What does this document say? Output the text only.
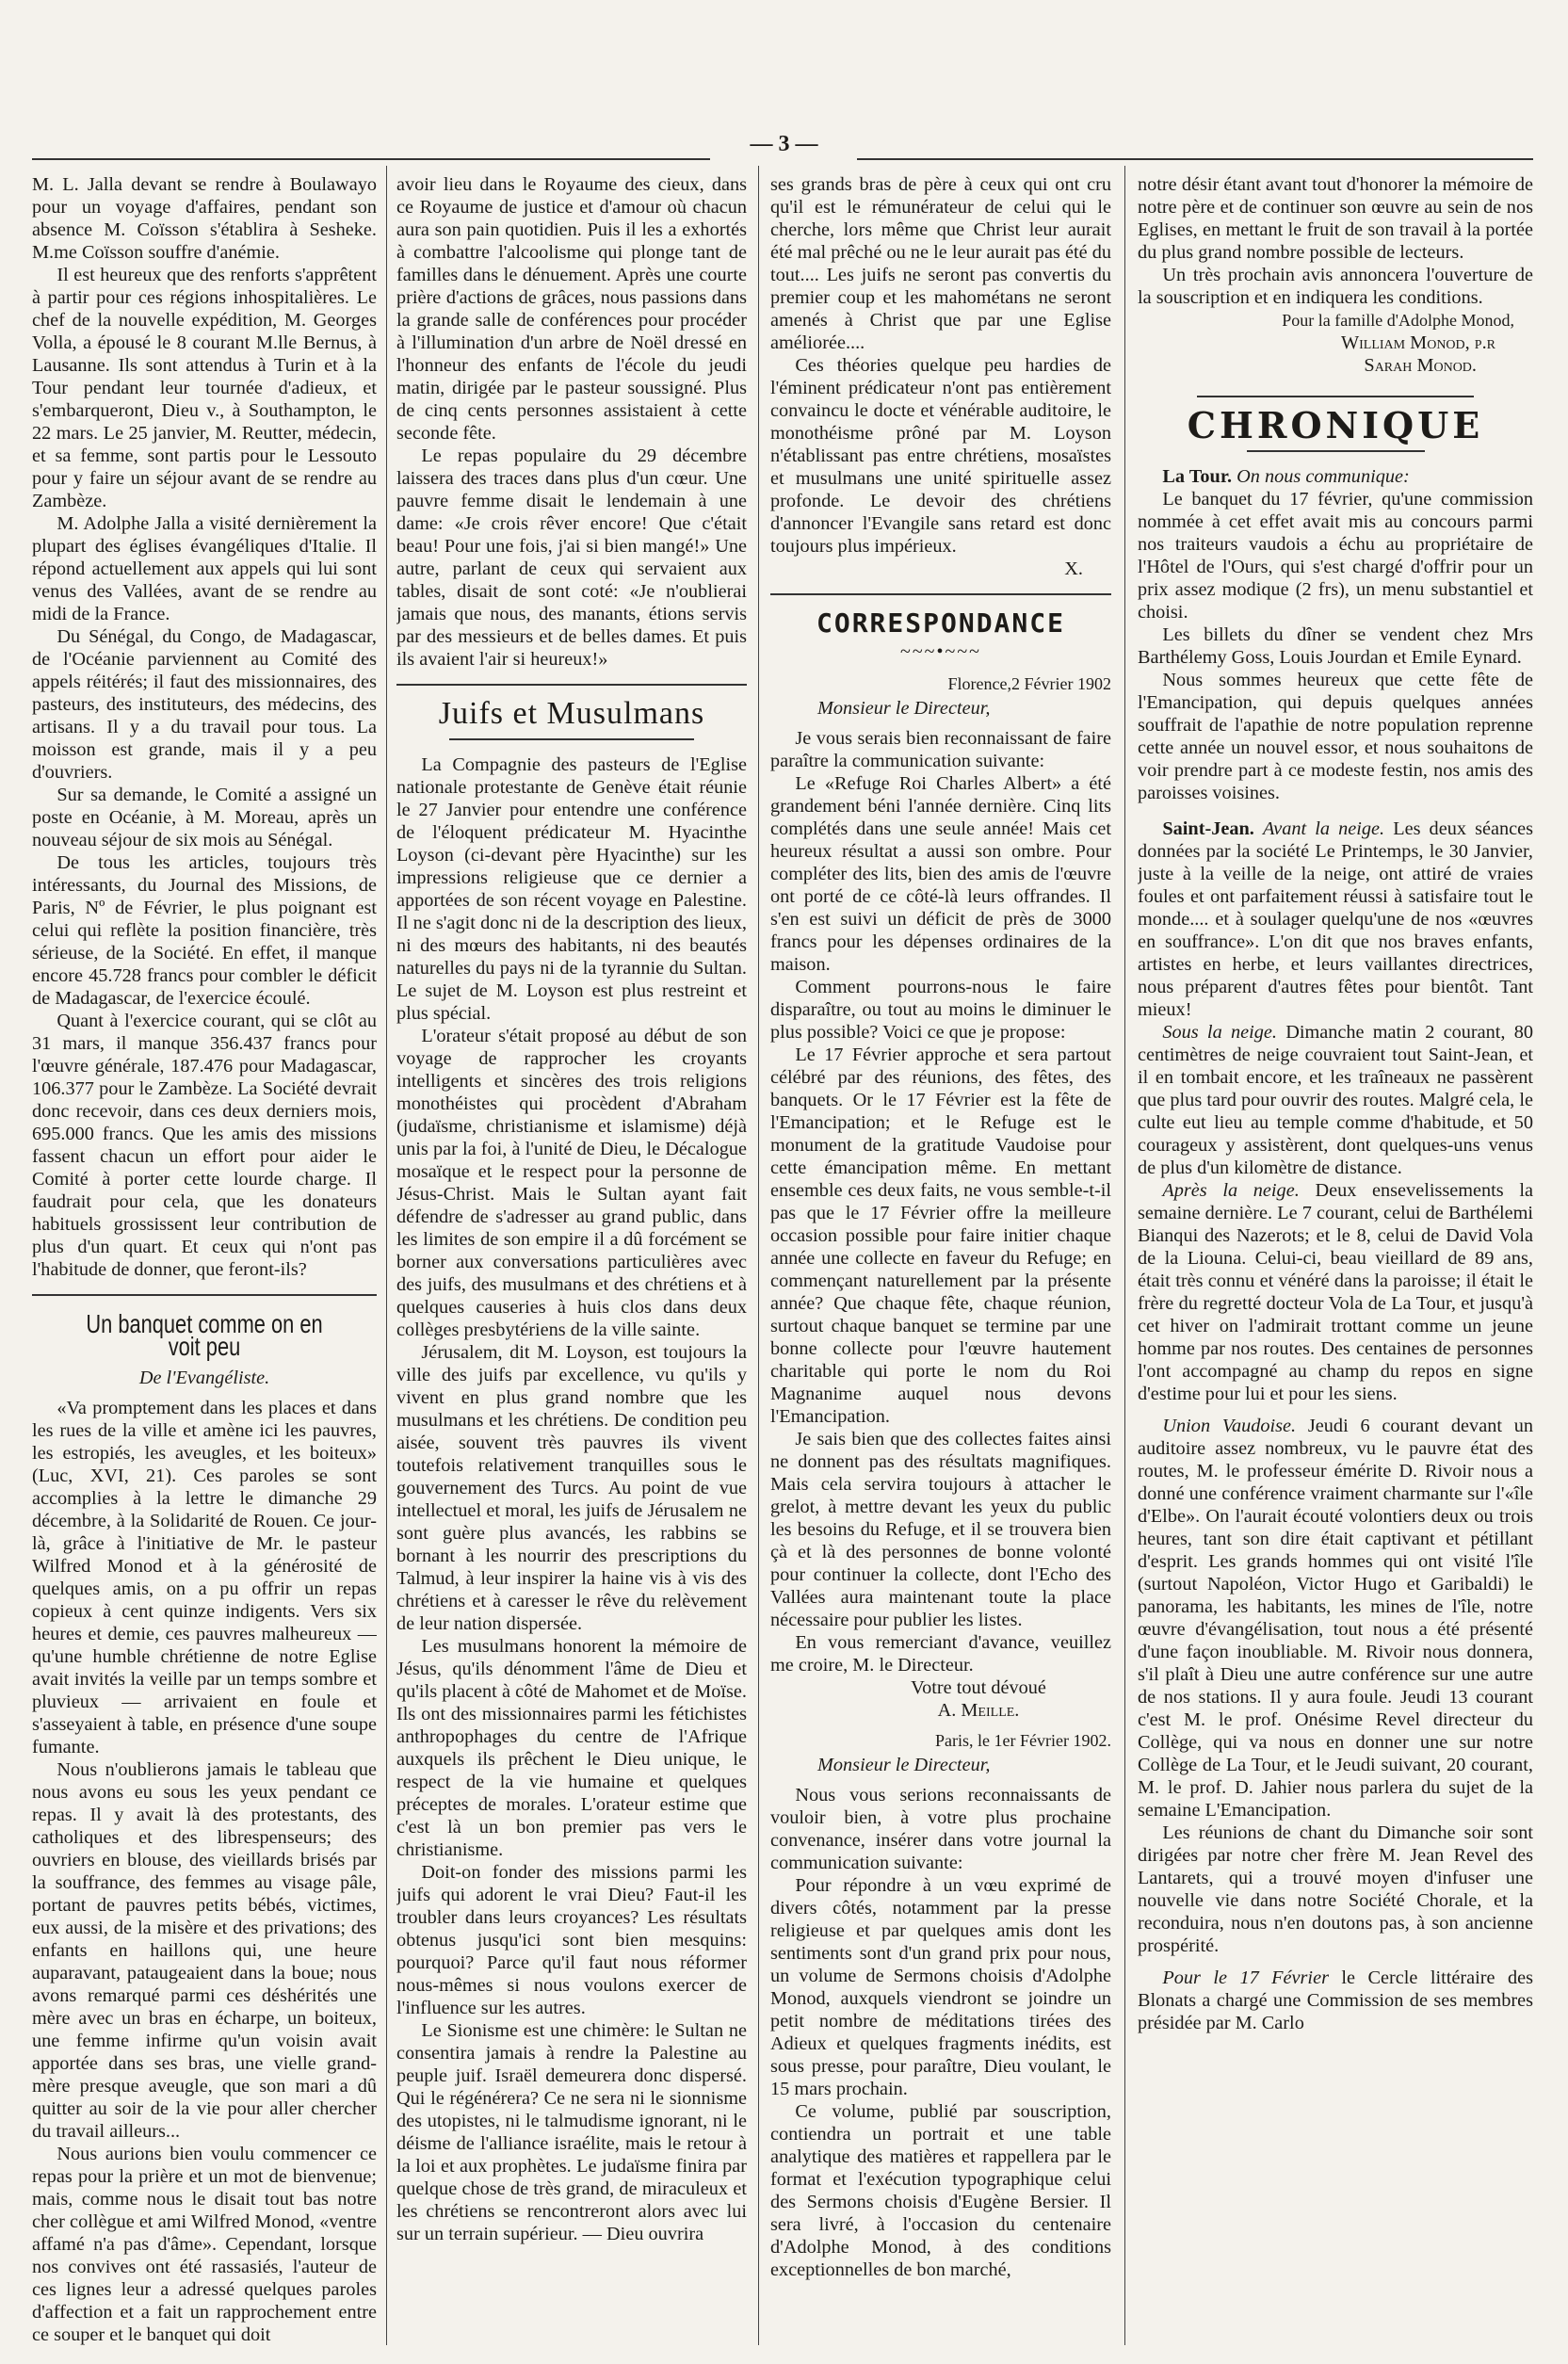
— 3 —

M. L. Jalla devant se rendre à Boulawayo pour un voyage d'affaires, pendant son absence M. Coïsson s'établira à Sesheke. M.me Coïsson souffre d'anémie.

Il est heureux que des renforts s'apprêtent à partir pour ces régions inhospitalières. Le chef de la nouvelle expédition, M. Georges Volla, a épousé le 8 courant M.lle Bernus, à Lausanne. Ils sont attendus à Turin et à la Tour pendant leur tournée d'adieux, et s'embarqueront, Dieu v., à Southampton, le 22 mars. Le 25 janvier, M. Reutter, médecin, et sa femme, sont partis pour le Lessouto pour y faire un séjour avant de se rendre au Zambèze.

M. Adolphe Jalla a visité dernièrement la plupart des églises évangéliques d'Italie. Il répond actuellement aux appels qui lui sont venus des Vallées, avant de se rendre au midi de la France.

Du Sénégal, du Congo, de Madagascar, de l'Océanie parviennent au Comité des appels réitérés; il faut des missionnaires, des pasteurs, des instituteurs, des médecins, des artisans. Il y a du travail pour tous. La moisson est grande, mais il y a peu d'ouvriers.

Sur sa demande, le Comité a assigné un poste en Océanie, à M. Moreau, après un nouveau séjour de six mois au Sénégal.

De tous les articles, toujours très intéressants, du Journal des Missions, de Paris, Nº de Février, le plus poignant est celui qui reflète la position financière, très sérieuse, de la Société. En effet, il manque encore 45.728 francs pour combler le déficit de Madagascar, de l'exercice écoulé.

Quant à l'exercice courant, qui se clôt au 31 mars, il manque 356.437 francs pour l'œuvre générale, 187.476 pour Madagascar, 106.377 pour le Zambèze. La Société devrait donc recevoir, dans ces deux derniers mois, 695.000 francs. Que les amis des missions fassent chacun un effort pour aider le Comité à porter cette lourde charge. Il faudrait pour cela, que les donateurs habituels grossissent leur contribution de plus d'un quart. Et ceux qui n'ont pas l'habitude de donner, que feront-ils?

Un banquet comme on en voit peu
De l'Evangéliste.

«Va promptement dans les places et dans les rues de la ville et amène ici les pauvres, les estropiés, les aveugles, et les boiteux» (Luc, XVI, 21). Ces paroles se sont accomplies à la lettre le dimanche 29 décembre, à la Solidarité de Rouen. Ce jour-là, grâce à l'initiative de Mr. le pasteur Wilfred Monod et à la générosité de quelques amis, on a pu offrir un repas copieux à cent quinze indigents. Vers six heures et demie, ces pauvres malheureux — qu'une humble chrétienne de notre Eglise avait invités la veille par un temps sombre et pluvieux — arrivaient en foule et s'asseyaient à table, en présence d'une soupe fumante.

Nous n'oublierons jamais le tableau que nous avons eu sous les yeux pendant ce repas. Il y avait là des protestants, des catholiques et des librespenseurs; des ouvriers en blouse, des vieillards brisés par la souffrance, des femmes au visage pâle, portant de pauvres petits bébés, victimes, eux aussi, de la misère et des privations; des enfants en haillons qui, une heure auparavant, pataugeaient dans la boue; nous avons remarqué parmi ces déshérités une mère avec un bras en écharpe, un boiteux, une femme infirme qu'un voisin avait apportée dans ses bras, une vielle grand-mère presque aveugle, que son mari a dû quitter au soir de la vie pour aller chercher du travail ailleurs...

Nous aurions bien voulu commencer ce repas pour la prière et un mot de bienvenue; mais, comme nous le disait tout bas notre cher collègue et ami Wilfred Monod, «ventre affamé n'a pas d'âme». Cependant, lorsque nos convives ont été rassasiés, l'auteur de ces lignes leur a adressé quelques paroles d'affection et a fait un rapprochement entre ce souper et le banquet qui doit

avoir lieu dans le Royaume des cieux, dans ce Royaume de justice et d'amour où chacun aura son pain quotidien. Puis il les a exhortés à combattre l'alcoolisme qui plonge tant de familles dans le dénuement. Après une courte prière d'actions de grâces, nous passions dans la grande salle de conférences pour procéder à l'illumination d'un arbre de Noël dressé en l'honneur des enfants de l'école du jeudi matin, dirigée par le pasteur soussigné. Plus de cinq cents personnes assistaient à cette seconde fête.

Le repas populaire du 29 décembre laissera des traces dans plus d'un cœur. Une pauvre femme disait le lendemain à une dame: «Je crois rêver encore! Que c'était beau! Pour une fois, j'ai si bien mangé!» Une autre, parlant de ceux qui servaient aux tables, disait de sont coté: «Je n'oublierai jamais que nous, des manants, étions servis par des messieurs et de belles dames. Et puis ils avaient l'air si heureux!»

Juifs et Musulmans

La Compagnie des pasteurs de l'Eglise nationale protestante de Genève était réunie le 27 Janvier pour entendre une conférence de l'éloquent prédicateur M. Hyacinthe Loyson (ci-devant père Hyacinthe) sur les impressions religieuse que ce dernier a apportées de son récent voyage en Palestine. Il ne s'agit donc ni de la description des lieux, ni des mœurs des habitants, ni des beautés naturelles du pays ni de la tyrannie du Sultan. Le sujet de M. Loyson est plus restreint et plus spécial.

L'orateur s'était proposé au début de son voyage de rapprocher les croyants intelligents et sincères des trois religions monothéistes qui procèdent d'Abraham (judaïsme, christianisme et islamisme) déjà unis par la foi, à l'unité de Dieu, le Décalogue mosaïque et le respect pour la personne de Jésus-Christ. Mais le Sultan ayant fait défendre de s'adresser au grand public, dans les limites de son empire il a dû forcément se borner aux conversations particulières avec des juifs, des musulmans et des chrétiens et à quelques causeries à huis clos dans deux collèges presbytériens de la ville sainte.

Jérusalem, dit M. Loyson, est toujours la ville des juifs par excellence, vu qu'ils y vivent en plus grand nombre que les musulmans et les chrétiens. De condition peu aisée, souvent très pauvres ils vivent toutefois relativement tranquilles sous le gouvernement des Turcs. Au point de vue intellectuel et moral, les juifs de Jérusalem ne sont guère plus avancés, les rabbins se bornant à les nourrir des prescriptions du Talmud, à leur inspirer la haine vis à vis des chrétiens et à caresser le rêve du relèvement de leur nation dispersée.

Les musulmans honorent la mémoire de Jésus, qu'ils dénomment l'âme de Dieu et qu'ils placent à côté de Mahomet et de Moïse. Ils ont des missionnaires parmi les fétichistes anthropophages du centre de l'Afrique auxquels ils prêchent le Dieu unique, le respect de la vie humaine et quelques préceptes de morales. L'orateur estime que c'est là un bon premier pas vers le christianisme.

Doit-on fonder des missions parmi les juifs qui adorent le vrai Dieu? Faut-il les troubler dans leurs croyances? Les résultats obtenus jusqu'ici sont bien mesquins: pourquoi? Parce qu'il faut nous réformer nous-mêmes si nous voulons exercer de l'influence sur les autres.

Le Sionisme est une chimère: le Sultan ne consentira jamais à rendre la Palestine au peuple juif. Israël demeurera donc dispersé. Qui le régénérera? Ce ne sera ni le sionnisme des utopistes, ni le talmudisme ignorant, ni le déisme de l'alliance israélite, mais le retour à la loi et aux prophètes. Le judaïsme finira par quelque chose de très grand, de miraculeux et les chrétiens se rencontreront alors avec lui sur un terrain supérieur. — Dieu ouvrira

ses grands bras de père à ceux qui ont cru qu'il est le rémunérateur de celui qui le cherche, lors même que Christ leur aurait été mal prêché ou ne le leur aurait pas été du tout.... Les juifs ne seront pas convertis du premier coup et les mahométans ne seront amenés à Christ que par une Eglise améliorée....

Ces théories quelque peu hardies de l'éminent prédicateur n'ont pas entièrement convaincu le docte et vénérable auditoire, le monothéisme prôné par M. Loyson n'établissant pas entre chrétiens, mosaïstes et musulmans une unité spirituelle assez profonde. Le devoir des chrétiens d'annoncer l'Evangile sans retard est donc toujours plus impérieux.

X.
CORRESPONDANCE
~~~•~~~
Florence,2 Février 1902
Monsieur le Directeur,

Je vous serais bien reconnaissant de faire paraître la communication suivante:

Le «Refuge Roi Charles Albert» a été grandement béni l'année dernière. Cinq lits complétés dans une seule année! Mais cet heureux résultat a aussi son ombre. Pour compléter des lits, bien des amis de l'œuvre ont porté de ce côté-là leurs offrandes. Il s'en est suivi un déficit de près de 3000 francs pour les dépenses ordinaires de la maison.

Comment pourrons-nous le faire disparaître, ou tout au moins le diminuer le plus possible? Voici ce que je propose:

Le 17 Février approche et sera partout célébré par des réunions, des fêtes, des banquets. Or le 17 Février est la fête de l'Emancipation; et le Refuge est le monument de la gratitude Vaudoise pour cette émancipation même. En mettant ensemble ces deux faits, ne vous semble-t-il pas que le 17 Février offre la meilleure occasion possible pour faire initier chaque année une collecte en faveur du Refuge; en commençant naturellement par la présente année? Que chaque fête, chaque réunion, surtout chaque banquet se termine par une bonne collecte pour l'œuvre hautement charitable qui porte le nom du Roi Magnanime auquel nous devons l'Emancipation.

Je sais bien que des collectes faites ainsi ne donnent pas des résultats magnifiques. Mais cela servira toujours à attacher le grelot, à mettre devant les yeux du public les besoins du Refuge, et il se trouvera bien çà et là des personnes de bonne volonté pour continuer la collecte, dont l'Echo des Vallées aura maintenant toute la place nécessaire pour publier les listes.

En vous remerciant d'avance, veuillez me croire, M. le Directeur.

Votre tout dévoué
A. Meille.
Paris, le 1er Février 1902.
Monsieur le Directeur,

Nous vous serions reconnaissants de vouloir bien, à votre plus prochaine convenance, insérer dans votre journal la communication suivante:

Pour répondre à un vœu exprimé de divers côtés, notamment par la presse religieuse et par quelques amis dont les sentiments sont d'un grand prix pour nous, un volume de Sermons choisis d'Adolphe Monod, auxquels viendront se joindre un petit nombre de méditations tirées des Adieux et quelques fragments inédits, est sous presse, pour paraître, Dieu voulant, le 15 mars prochain.

Ce volume, publié par souscription, contiendra un portrait et une table analytique des matières et rappellera par le format et l'exécution typographique celui des Sermons choisis d'Eugène Bersier. Il sera livré, à l'occasion du centenaire d'Adolphe Monod, à des conditions exceptionnelles de bon marché,

notre désir étant avant tout d'honorer la mémoire de notre père et de continuer son œuvre au sein de nos Eglises, en mettant le fruit de son travail à la portée du plus grand nombre possible de lecteurs.

Un très prochain avis annoncera l'ouverture de la souscription et en indiquera les conditions.

Pour la famille d'Adolphe Monod,
William Monod, p.r
Sarah Monod.
CHRONIQUE

La Tour. On nous communique:

Le banquet du 17 février, qu'une commission nommée à cet effet avait mis au concours parmi nos traiteurs vaudois a échu au propriétaire de l'Hôtel de l'Ours, qui s'est chargé d'offrir pour un prix assez modique (2 frs), un menu substantiel et choisi.

Les billets du dîner se vendent chez Mrs Barthélemy Goss, Louis Jourdan et Emile Eynard.

Nous sommes heureux que cette fête de l'Emancipation, qui depuis quelques années souffrait de l'apathie de notre population reprenne cette année un nouvel essor, et nous souhaitons de voir prendre part à ce modeste festin, nos amis des paroisses voisines.

Saint-Jean. Avant la neige. Les deux séances données par la société Le Printemps, le 30 Janvier, juste à la veille de la neige, ont attiré de vraies foules et ont parfaitement réussi à satisfaire tout le monde.... et à soulager quelqu'une de nos «œuvres en souffrance». L'on dit que nos braves enfants, artistes en herbe, et leurs vaillantes directrices, nous préparent d'autres fêtes pour bientôt. Tant mieux!

Sous la neige. Dimanche matin 2 courant, 80 centimètres de neige couvraient tout Saint-Jean, et il en tombait encore, et les traîneaux ne passèrent que plus tard pour ouvrir des routes. Malgré cela, le culte eut lieu au temple comme d'habitude, et 50 courageux y assistèrent, dont quelques-uns venus de plus d'un kilomètre de distance.

Après la neige. Deux ensevelissements la semaine dernière. Le 7 courant, celui de Barthélemi Bianqui des Nazerots; et le 8, celui de David Vola de la Liouna. Celui-ci, beau vieillard de 89 ans, était très connu et vénéré dans la paroisse; il était le frère du regretté docteur Vola de La Tour, et jusqu'à cet hiver on l'admirait trottant comme un jeune homme par nos routes. Des centaines de personnes l'ont accompagné au champ du repos en signe d'estime pour lui et pour les siens.

Union Vaudoise. Jeudi 6 courant devant un auditoire assez nombreux, vu le pauvre état des routes, M. le professeur émérite D. Rivoir nous a donné une conférence vraiment charmante sur l'«île d'Elbe». On l'aurait écouté volontiers deux ou trois heures, tant son dire était captivant et pétillant d'esprit. Les grands hommes qui ont visité l'île (surtout Napoléon, Victor Hugo et Garibaldi) le panorama, les habitants, les mines de l'île, notre œuvre d'évangélisation, tout nous a été présenté d'une façon inoubliable. M. Rivoir nous donnera, s'il plaît à Dieu une autre conférence sur une autre de nos stations. Il y aura foule. Jeudi 13 courant c'est M. le prof. Onésime Revel directeur du Collège, qui va nous en donner une sur notre Collège de La Tour, et le Jeudi suivant, 20 courant, M. le prof. D. Jahier nous parlera du sujet de la semaine L'Emancipation.

Les réunions de chant du Dimanche soir sont dirigées par notre cher frère M. Jean Revel des Lantarets, qui a trouvé moyen d'infuser une nouvelle vie dans notre Société Chorale, et la reconduira, nous n'en doutons pas, à son ancienne prospérité.

Pour le 17 Février le Cercle littéraire des Blonats a chargé une Commission de ses membres présidée par M. Carlo
